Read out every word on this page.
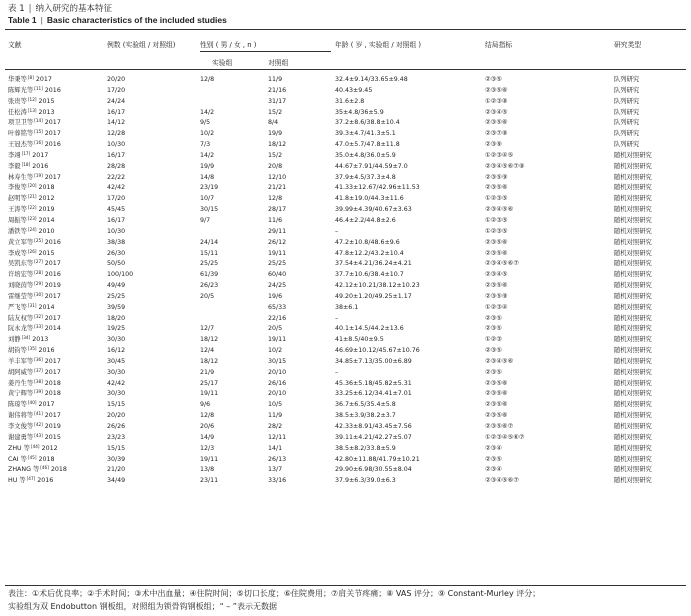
表 1 | 纳入研究的基本特征
Table 1 | Basic characteristics of the included studies
文献	例数 (实验组 / 对照组)	性别 ( 男 / 女 , n )
实验组	对照组
年龄 ( 岁 , 实验组 / 对照组 )	结局指标	研究类型
华秉等[8] 2017	20/20	12/8	11/9	32.4±9.14/33.65±9.48	②③⑤	队列研究
陈辉光等[11] 2016	17/20	21/16	40.43±9.45	②③⑤⑥	队列研究
张贵等[12] 2015	24/24	31/17	31.6±2.8	①②③⑧	队列研究
任松涛[13] 2013	16/17	14/2	15/2	35±4.8/36±5.9	②③④⑤	队列研究
项卫卫等[14] 2017	14/12	9/5	8/4	37.2±8.6/38.8±10.4	②③⑤⑥	队列研究
叶蓉铭等[15] 2017	12/28	10/2	19/9	39.3±4.7/41.3±5.1	②③⑦⑧	队列研究
王冠杰等[16] 2016	10/30	7/3	18/12	47.0±5.7/47.8±11.8	②③⑨	队列研究
李翊[17] 2017	16/17	14/2	15/2	35.0±4.8/36.0±5.9	①②③④⑤	随机对照研究
李毅[18] 2016	28/28	19/9	20/8	44.67±7.91/44.59±7.0	②③④⑤⑥⑦⑧	随机对照研究
林寿生等[19] 2017	22/22	14/8	12/10	37.9±4.5/37.3±4.8	②③⑤⑨	随机对照研究
李俊等[20] 2018	42/42	23/19	21/21	41.33±12.67/42.96±11.53	②③⑤⑥	随机对照研究
赵明等[21] 2012	17/20	10/7	12/8	41.8±19.0/44.3±11.6	①②③⑤	随机对照研究
王涛等[22] 2019	45/45	30/15	28/17	39.99±4.39/40.67±3.63	②③④⑤⑥	随机对照研究
周振等[23] 2014	16/17	9/7	11/6	46.4±2.2/44.8±2.6	①②③⑤	随机对照研究
潘铁等[24] 2010	10/30	29/11	–	①②③⑤	随机对照研究
黄立军等[25] 2016	38/38	24/14	26/12	47.2±10.8/48.6±9.6	②③⑤⑥	随机对照研究
李成等[26] 2015	26/30	15/11	19/11	47.8±12.2/43.2±10.4	②③⑤⑥	随机对照研究
吴凯东等[27] 2017	50/50	25/25	25/25	37.54±4.21/36.24±4.21	②③④⑤⑥⑦	随机对照研究
许培宏等[28] 2016	100/100	61/39	60/40	37.7±10.6/38.4±10.7	②③④⑤	随机对照研究
刘晓茵等[29] 2019	49/49	26/23	24/25	42.12±10.21/38.12±10.23	②③⑤⑥	随机对照研究
雷继莹等[30] 2017	25/25	20/5	19/6	49.20±1.20/49.25±1.17	②③⑤⑨	随机对照研究
严飞等[31] 2014	39/59	65/33	38±6.1	①②③④	随机对照研究
陆友权等[32] 2017	18/20	22/16	–	②③⑤	随机对照研究
阮永龙等[33] 2014	19/25	12/7	20/5	40.1±14.5/44.2±13.6	②③⑤	随机对照研究
刘静[34] 2013	30/30	18/12	19/11	41±8.5/40±9.5	①②③	随机对照研究
胡钧等[35] 2016	16/12	12/4	10/2	46.69±10.12/45.67±10.76	②③⑤	随机对照研究
羊丰军等[36] 2017	30/45	18/12	30/15	34.85±7.13/35.00±6.89	②③④⑤⑥	随机对照研究
胡阿威等[37] 2017	30/30	21/9	20/10	–	②③⑤	随机对照研究
姜丹生等[38] 2018	42/42	25/17	26/16	45.36±5.18/45.82±5.31	②③⑤⑥	随机对照研究
黄宁辉等[39] 2018	30/30	19/11	20/10	33.25±6.12/34.41±7.01	②③⑤⑥	随机对照研究
陈琼等[40] 2017	15/15	9/6	10/5	36.7±6.5/35.4±5.8	②③⑤⑥	随机对照研究
谢伟将等[41] 2017	20/20	12/8	11/9	38.5±3.9/38.2±3.7	②③⑤⑥	随机对照研究
李文俊等[42] 2019	26/26	20/6	28/2	42.33±8.91/43.45±7.56	②③⑤⑥⑦	随机对照研究
谢建勇等[43] 2015	23/23	14/9	12/11	39.11±4.21/42.27±5.07	①②③④⑤⑥⑦	随机对照研究
ZHU 等[44] 2012	15/15	12/3	14/1	38.5±8.2/33.8±5.9	②③④	随机对照研究
CAI 等[45] 2018	30/39	19/11	26/13	42.80±11.88/41.79±10.21	②③⑤	随机对照研究
ZHANG 等[46] 2018	21/20	13/8	13/7	29.90±6.98/30.55±8.04	②③④	随机对照研究
HU 等[47] 2016	34/49	23/11	33/16	37.9±6.3/39.0±6.3	②③④⑤⑥⑦	随机对照研究
表注：①术后优良率；②手术时间；③术中出血量；④住院时间；⑤切口长度；⑥住院费用；⑦肩关节疼痛；⑧ VAS 评分；⑨ Constant-Murley 评分；
实验组为双 Endobutton 钢板组，对照组为锁骨钩钢板组；“ – ”表示无数据
